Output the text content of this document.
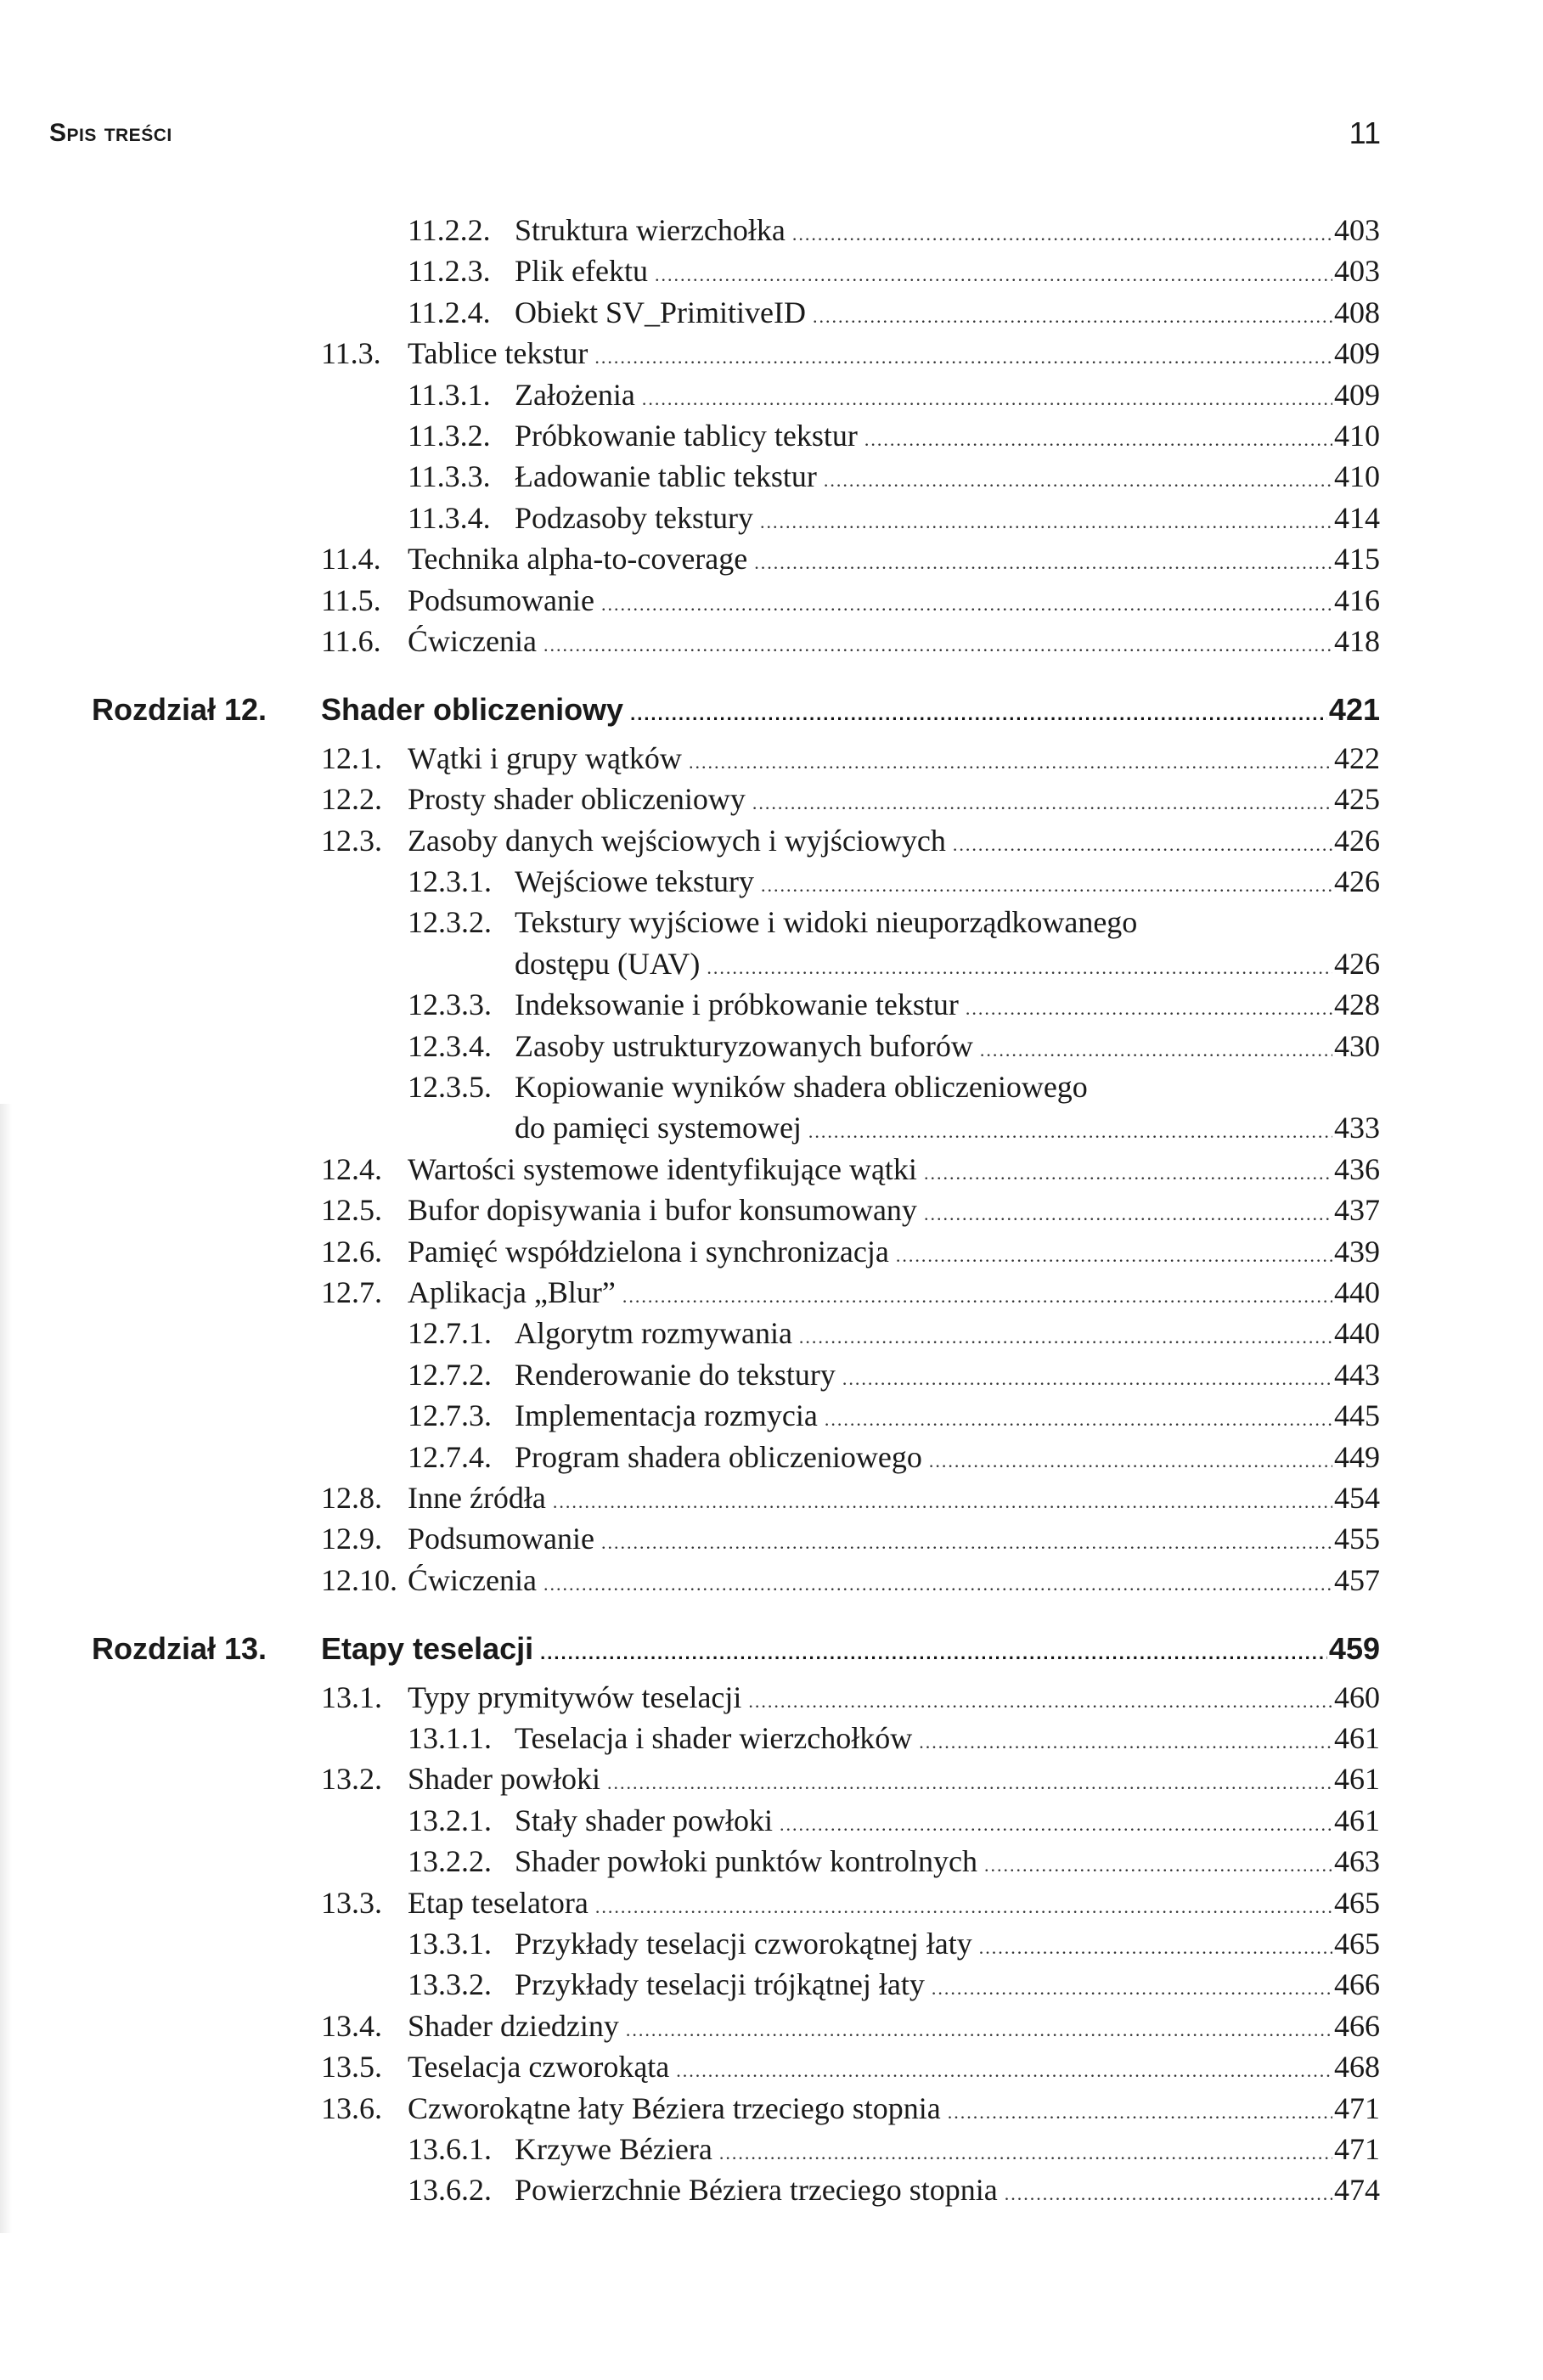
Spis treści	11
11.2.2. Struktura wierzchołka .....	403
11.2.3. Plik efektu .....	403
11.2.4. Obiekt SV_PrimitiveID .....	408
11.3. Tablice tekstur .....	409
11.3.1. Założenia .....	409
11.3.2. Próbkowanie tablicy tekstur .....	410
11.3.3. Ładowanie tablic tekstur .....	410
11.3.4. Podzasoby tekstury .....	414
11.4. Technika alpha-to-coverage .....	415
11.5. Podsumowanie .....	416
11.6. Ćwiczenia .....	418
Rozdział 12. Shader obliczeniowy .....	421
12.1. Wątki i grupy wątków .....	422
12.2. Prosty shader obliczeniowy .....	425
12.3. Zasoby danych wejściowych i wyjściowych .....	426
12.3.1. Wejściowe tekstury .....	426
12.3.2. Tekstury wyjściowe i widoki nieuporządkowanego
dostępu (UAV) .....	426
12.3.3. Indeksowanie i próbkowanie tekstur .....	428
12.3.4. Zasoby ustrukturyzowanych buforów .....	430
12.3.5. Kopiowanie wyników shadera obliczeniowego
do pamięci systemowej .....	433
12.4. Wartości systemowe identyfikujące wątki .....	436
12.5. Bufor dopisywania i bufor konsumowany .....	437
12.6. Pamięć współdzielona i synchronizacja .....	439
12.7. Aplikacja „Blur” .....	440
12.7.1. Algorytm rozmywania .....	440
12.7.2. Renderowanie do tekstury .....	443
12.7.3. Implementacja rozmycia .....	445
12.7.4. Program shadera obliczeniowego .....	449
12.8. Inne źródła .....	454
12.9. Podsumowanie .....	455
12.10. Ćwiczenia .....	457
Rozdział 13. Etapy teselacji .....	459
13.1. Typy prymitywów teselacji .....	460
13.1.1. Teselacja i shader wierzchołków .....	461
13.2. Shader powłoki .....	461
13.2.1. Stały shader powłoki .....	461
13.2.2. Shader powłoki punktów kontrolnych .....	463
13.3. Etap teselatora .....	465
13.3.1. Przykłady teselacji czworokątnej łaty .....	465
13.3.2. Przykłady teselacji trójkątnej łaty .....	466
13.4. Shader dziedziny .....	466
13.5. Teselacja czworokąta .....	468
13.6. Czworokątne łaty Béziera trzeciego stopnia .....	471
13.6.1. Krzywe Béziera .....	471
13.6.2. Powierzchnie Béziera trzeciego stopnia .....	474
